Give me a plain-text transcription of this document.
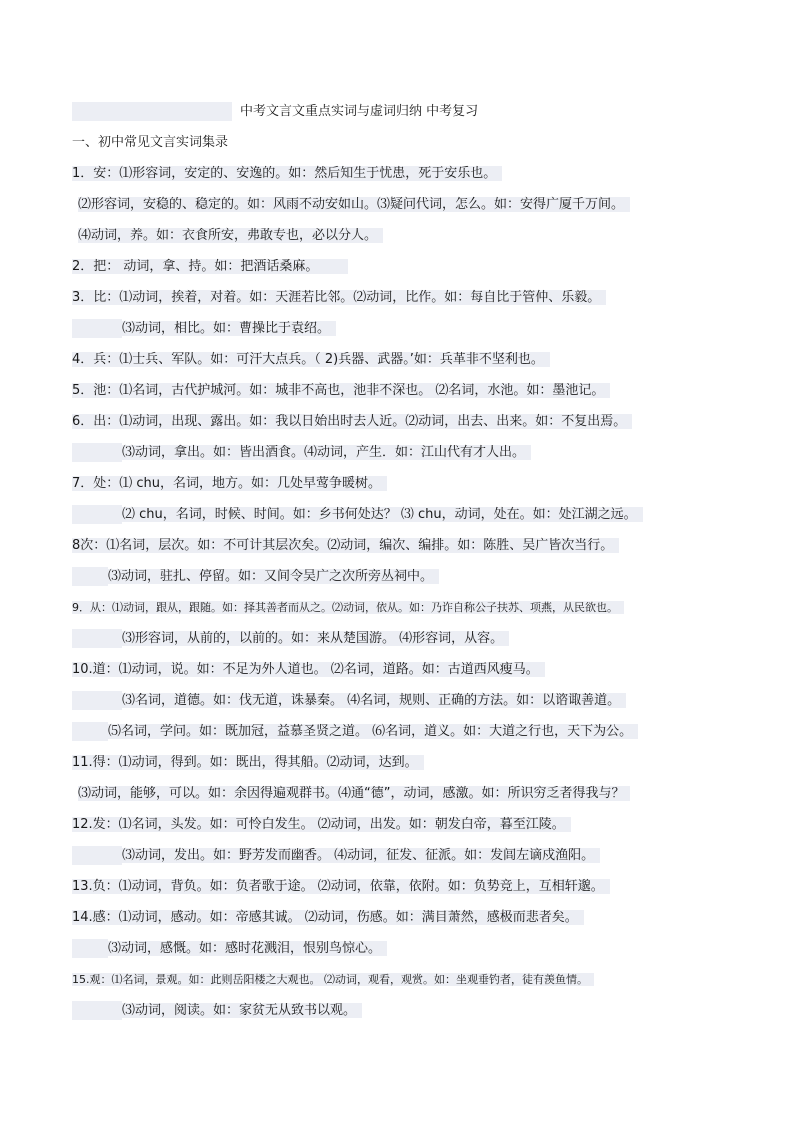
中考文言文重点实词与虚词归纳 中考复习
一、初中常见文言实词集录
1．安：⑴形容词，安定的、安逸的。如：然后知生于忧患，死于安乐也。
⑵形容词，安稳的、稳定的。如：风雨不动安如山。⑶疑问代词，怎么。如：安得广厦千万间。
⑷动词，养。如：衣食所安，弗敢专也，必以分人。
2．把： 动词，拿、持。如：把酒话桑麻。
3．比：⑴动词，挨着，对着。如：天涯若比邻。⑵动词，比作。如：每自比于管仲、乐毅。
⑶动词，相比。如：曹操比于袁绍。
4．兵：⑴士兵、军队。如：可汗大点兵。（ 2)兵器、武器。’如：兵革非不坚利也。
5．池：⑴名词，古代护城河。如：城非不高也，池非不深也。 ⑵名词，水池。如：墨池记。
6．出：⑴动词，出现、露出。如：我以日始出时去人近。⑵动词，出去、出来。如：不复出焉。
⑶动词，拿出。如：皆出酒食。⑷动词，产生．如：江山代有才人出。
7．处：⑴ chu，名词，地方。如：几处早莺争暖树。
⑵ chu，名词，时候、时间。如：乡书何处达？ ⑶ chu，动词，处在。如：处江湖之远。
8次：⑴名词，层次。如：不可计其层次矣。⑵动词，编次、编排。如：陈胜、吴广皆次当行。
⑶动词，驻扎、停留。如：又间令吴广之次所旁丛祠中。
9．从：⑴动词，跟从，跟随。如：择其善者而从之。⑵动词，依从。如：乃诈自称公子扶苏、项燕，从民欲也。
⑶形容词，从前的，以前的。如：来从楚国游。 ⑷形容词，从容。
10.道：⑴动词，说。如：不足为外人道也。 ⑵名词，道路。如：古道西风瘦马。
⑶名词，道德。如：伐无道，诛暴秦。 ⑷名词，规则、正确的方法。如：以谘诹善道。
⑸名词，学问。如：既加冠，益慕圣贤之道。 ⑹名词，道义。如：大道之行也，天下为公。
11.得：⑴动词，得到。如：既出，得其船。⑵动词，达到。
⑶动词，能够，可以。如：余因得遍观群书。⑷通“德”，动词，感激。如：所识穷乏者得我与？
12.发：⑴名词，头发。如：可怜白发生。 ⑵动词，出发。如：朝发白帝，暮至江陵。
⑶动词，发出。如：野芳发而幽香。 ⑷动词，征发、征派。如：发闾左谪戍渔阳。
13.负：⑴动词，背负。如：负者歌于途。 ⑵动词，依靠，依附。如：负势竞上，互相轩邈。
14.感：⑴动词，感动。如：帝感其诚。 ⑵动词，伤感。如：满目萧然，感极而悲者矣。
⑶动词，感慨。如：感时花溅泪，恨别鸟惊心。
15.观：⑴名词，景观。如：此则岳阳楼之大观也。 ⑵动词，观看，观赏。如：坐观垂钓者，徒有羡鱼情。
⑶动词，阅读。如：家贫无从致书以观。
